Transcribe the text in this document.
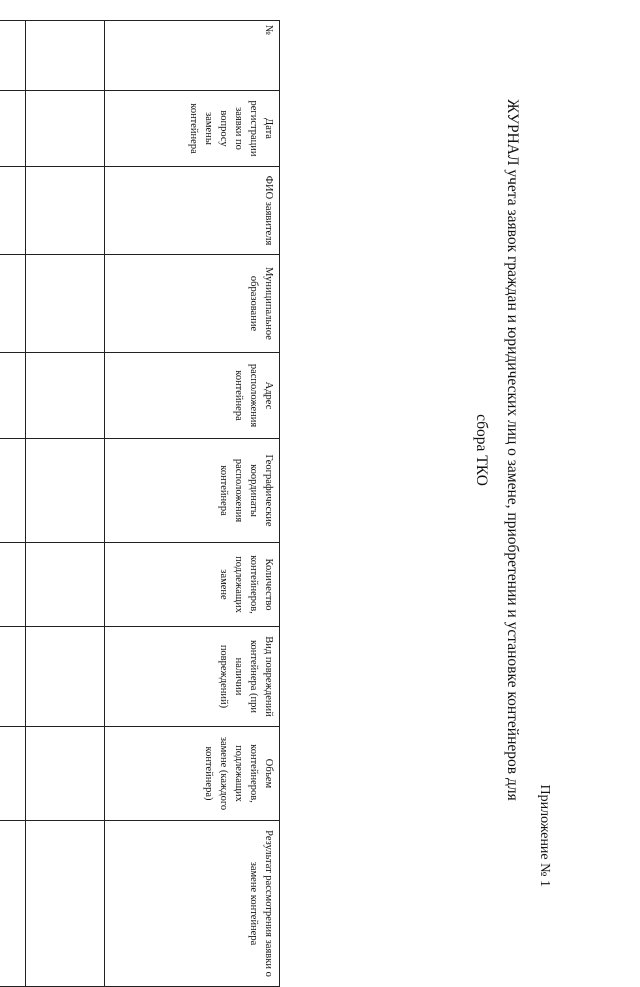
Приложение № 1
ЖУРНАЛ учета заявок граждан и юридических лиц о замене, приобретении и установке контейнеров для сбора ТКО
№	Дата регистрации заявки по вопросу замены контейнера	ФИО заявителя	Муниципальное образование	Адрес расположения контейнера	Географические координаты расположения контейнера	Количество контейнеров, подлежащих замене	Вид повреждений контейнера (при наличии повреждений)	Объем контейнеров, подлежащих замене (каждого контейнера)	Результат рассмотрения заявки о замене контейнера
